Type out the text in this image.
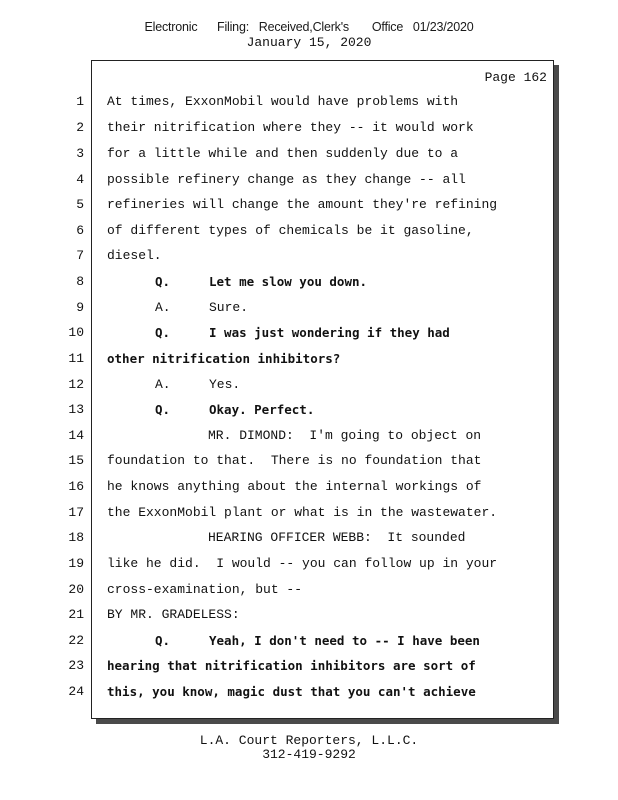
Electronic      Filing:   Received,Clerk's       Office   01/23/2020
January 15, 2020
Page 162
1 At times, ExxonMobil would have problems with
2 their nitrification where they -- it would work
3 for a little while and then suddenly due to a
4 possible refinery change as they change -- all
5 refineries will change the amount they're refining
6 of different types of chemicals be it gasoline,
7 diesel.
8	Q.	Let me slow you down.
9	A.	Sure.
10	Q.	I was just wondering if they had
11 other nitrification inhibitors?
12	A.	Yes.
13	Q.	Okay. Perfect.
14	MR. DIMOND:  I'm going to object on
15 foundation to that.  There is no foundation that
16 he knows anything about the internal workings of
17 the ExxonMobil plant or what is in the wastewater.
18	HEARING OFFICER WEBB:  It sounded
19 like he did.  I would -- you can follow up in your
20 cross-examination, but --
21 BY MR. GRADELESS:
22	Q.	Yeah, I don't need to -- I have been
23 hearing that nitrification inhibitors are sort of
24 this, you know, magic dust that you can't achieve
L.A. Court Reporters, L.L.C.
312-419-9292
